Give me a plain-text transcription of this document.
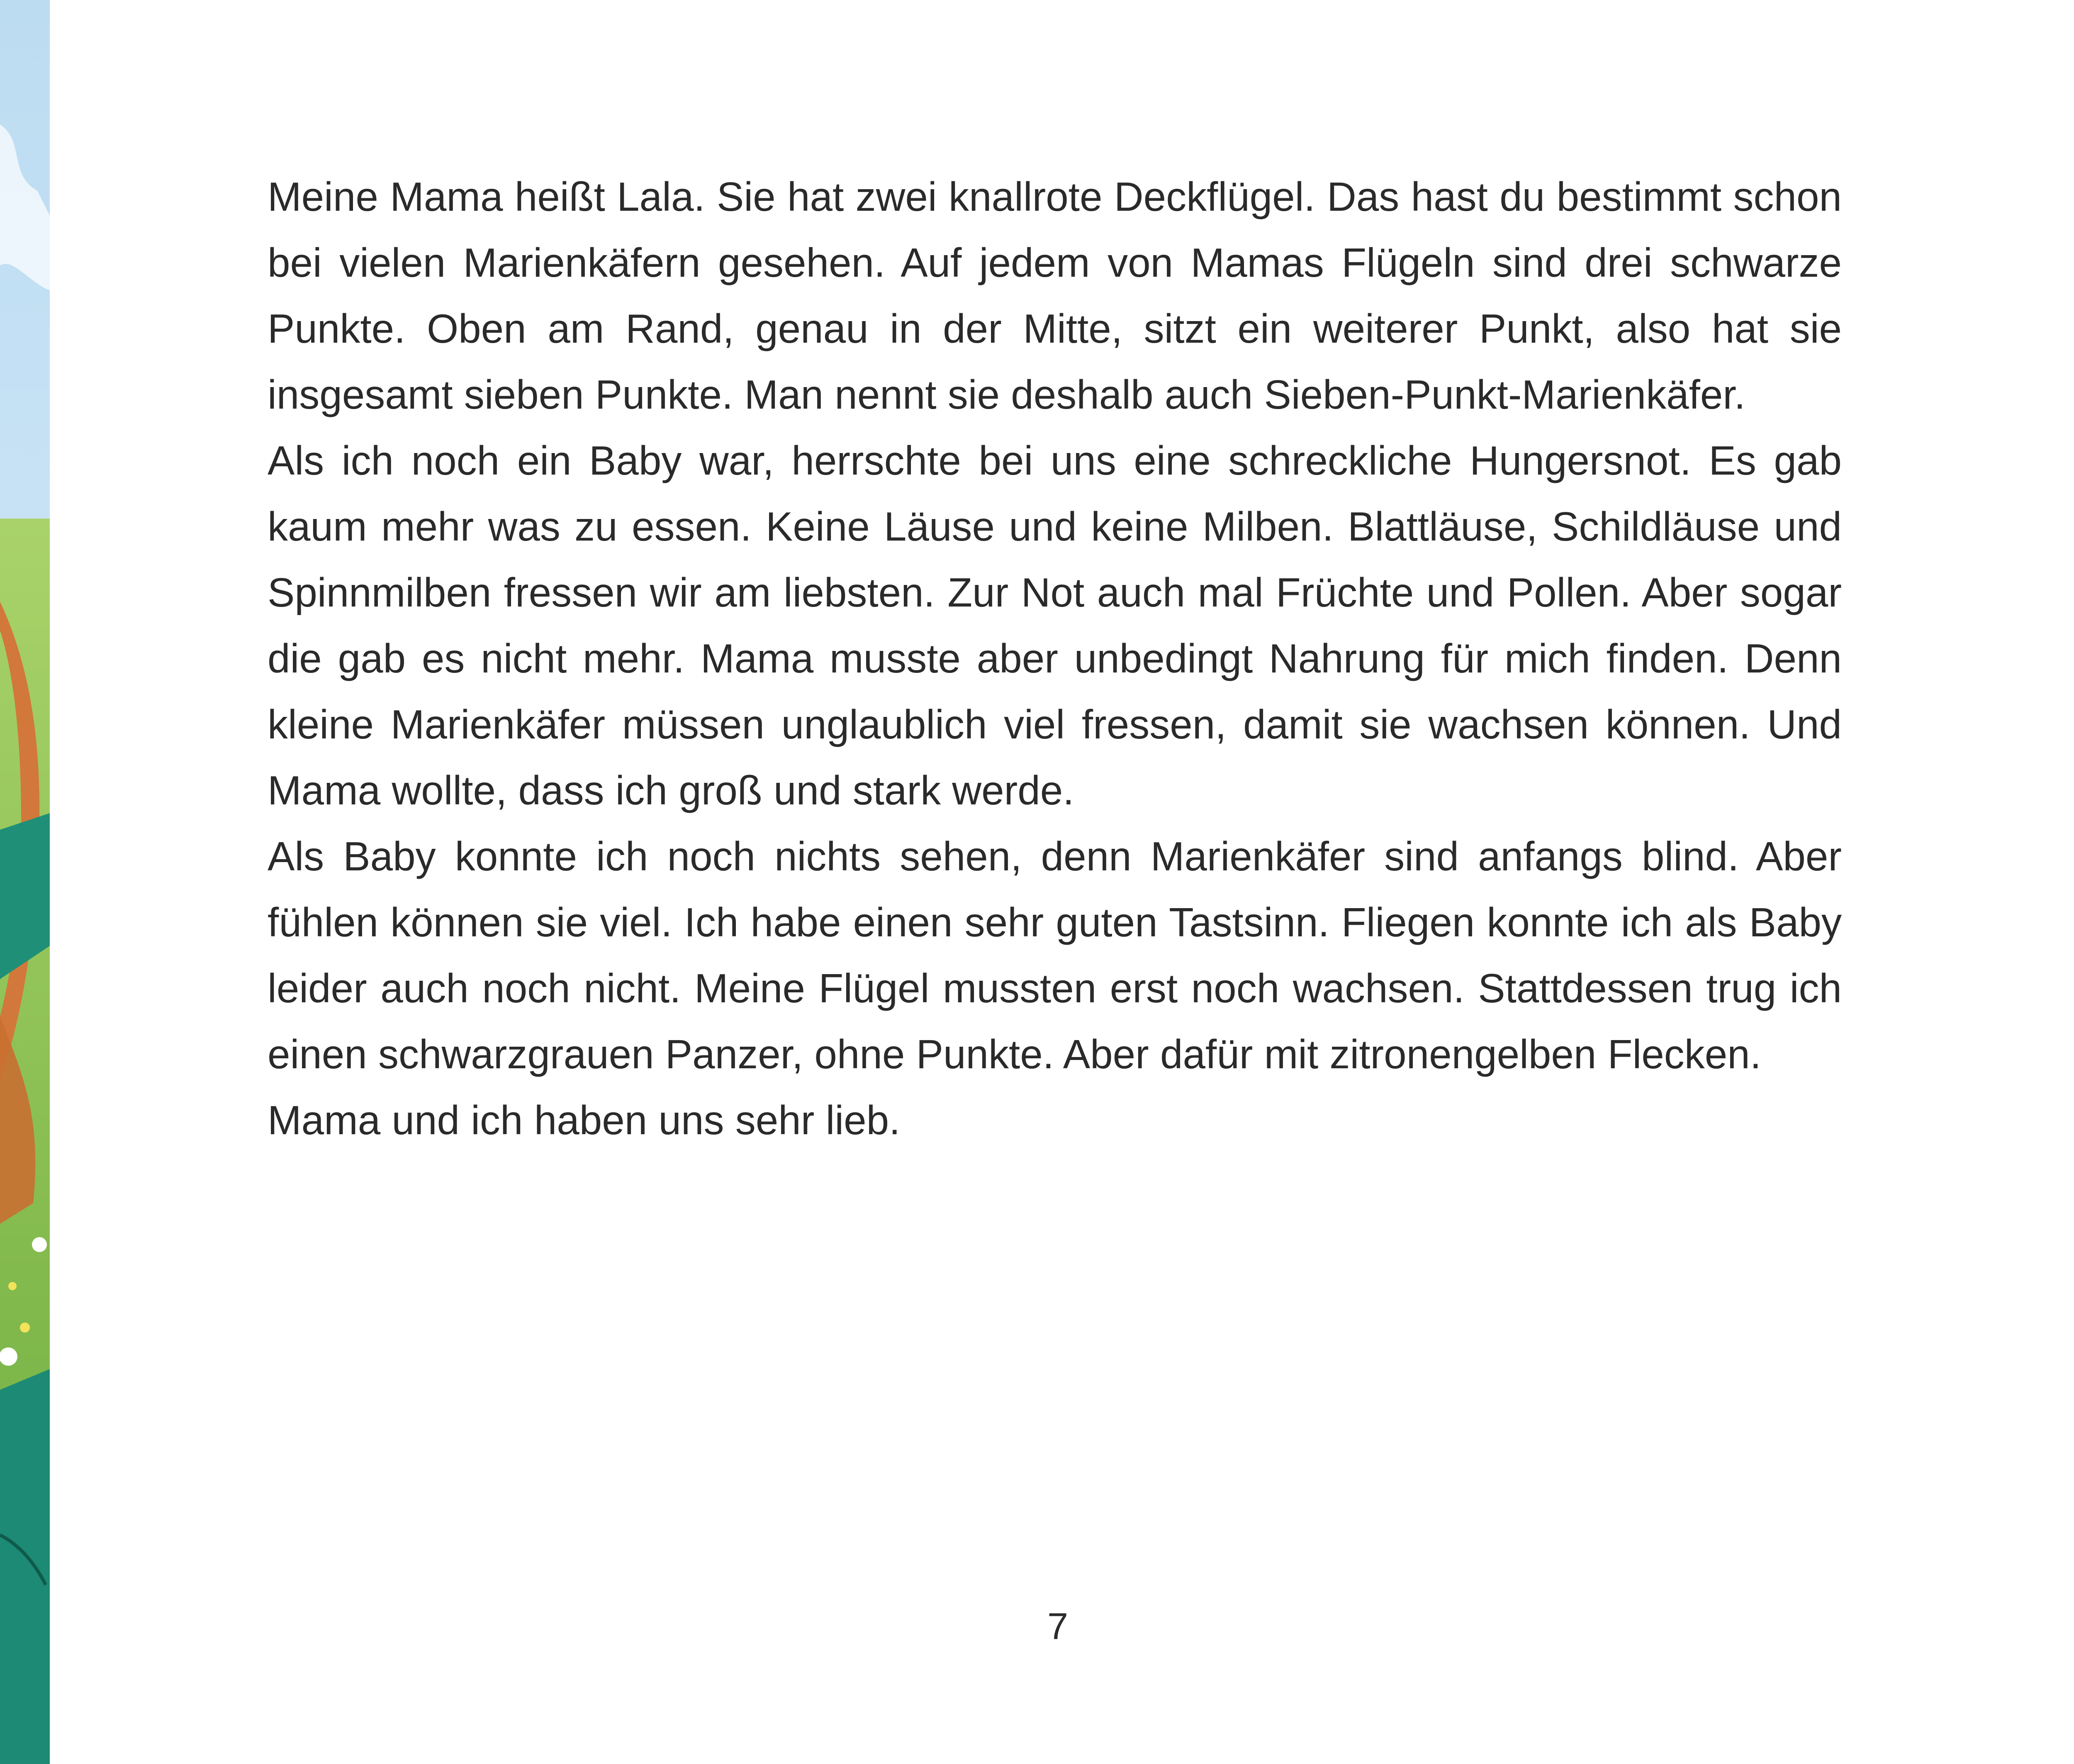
Meine Mama heißt Lala. Sie hat zwei knallrote Deckflügel. Das hast du bestimmt schon bei vielen Marienkäfern gesehen. Auf jedem von Mamas Flügeln sind drei schwarze Punkte. Oben am Rand, genau in der Mitte, sitzt ein weiterer Punkt, also hat sie insgesamt sieben Punkte. Man nennt sie deshalb auch Sieben-Punkt-Marienkäfer.

Als ich noch ein Baby war, herrschte bei uns eine schreckliche Hungersnot. Es gab kaum mehr was zu essen. Keine Läuse und keine Milben. Blattläuse, Schildläuse und Spinnmilben fressen wir am liebsten. Zur Not auch mal Früchte und Pollen. Aber sogar die gab es nicht mehr. Mama musste aber unbedingt Nahrung für mich finden. Denn kleine Marienkäfer müssen unglaublich viel fressen, damit sie wachsen können. Und Mama wollte, dass ich groß und stark werde.

Als Baby konnte ich noch nichts sehen, denn Marienkäfer sind anfangs blind. Aber fühlen können sie viel. Ich habe einen sehr guten Tastsinn. Fliegen konnte ich als Baby leider auch noch nicht. Meine Flügel mussten erst noch wachsen. Stattdessen trug ich einen schwarzgrauen Panzer, ohne Punkte. Aber dafür mit zitronengelben Flecken.

Mama und ich haben uns sehr lieb.

7
